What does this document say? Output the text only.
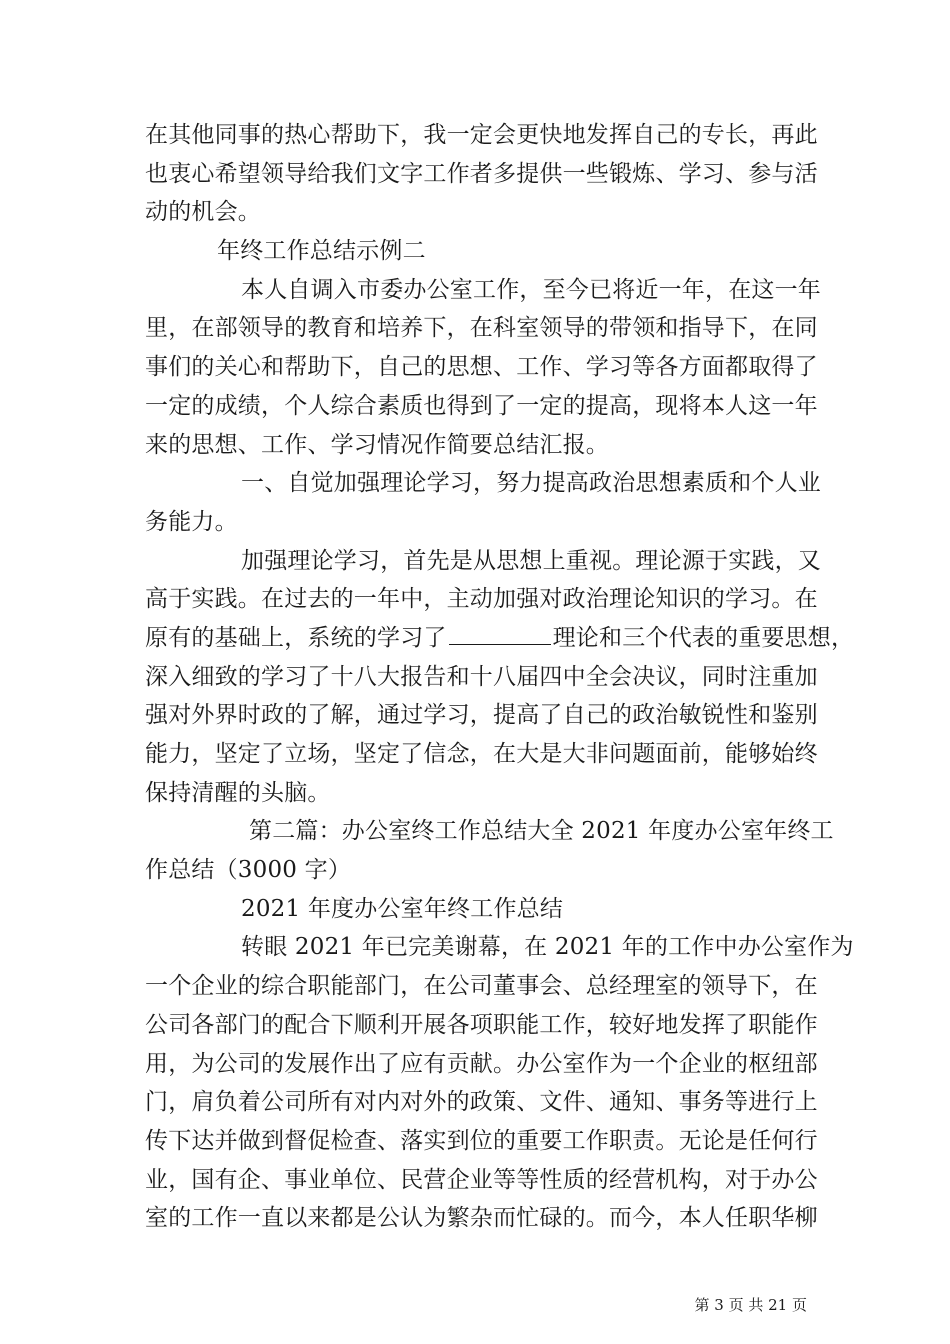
在其他同事的热心帮助下，我一定会更快地发挥自己的专长，再此
也衷心希望领导给我们文字工作者多提供一些锻炼、学习、参与活
动的机会。
年终工作总结示例二
本人自调入市委办公室工作，至今已将近一年，在这一年
里，在部领导的教育和培养下，在科室领导的带领和指导下，在同
事们的关心和帮助下，自己的思想、工作、学习等各方面都取得了
一定的成绩，个人综合素质也得到了一定的提高，现将本人这一年
来的思想、工作、学习情况作简要总结汇报。
一、自觉加强理论学习，努力提高政治思想素质和个人业
务能力。
加强理论学习，首先是从思想上重视。理论源于实践，又
高于实践。在过去的一年中，主动加强对政治理论知识的学习。在
原有的基础上，系统的学习了	理论和三个代表的重要思想，
深入细致的学习了十八大报告和十八届四中全会决议，同时注重加
强对外界时政的了解，通过学习，提高了自己的政治敏锐性和鉴别
能力，坚定了立场，坚定了信念，在大是大非问题面前，能够始终
保持清醒的头脑。
第二篇：办公室终工作总结大全 2021 年度办公室年终工
作总结（3000 字）
2021 年度办公室年终工作总结
转眼 2021 年已完美谢幕，在 2021 年的工作中办公室作为
一个企业的综合职能部门，在公司董事会、总经理室的领导下，在
公司各部门的配合下顺利开展各项职能工作，较好地发挥了职能作
用，为公司的发展作出了应有贡献。办公室作为一个企业的枢纽部
门，肩负着公司所有对内对外的政策、文件、通知、事务等进行上
传下达并做到督促检查、落实到位的重要工作职责。无论是任何行
业，国有企、事业单位、民营企业等等性质的经营机构，对于办公
室的工作一直以来都是公认为繁杂而忙碌的。而今，本人任职华柳
第 3 页 共 21 页
